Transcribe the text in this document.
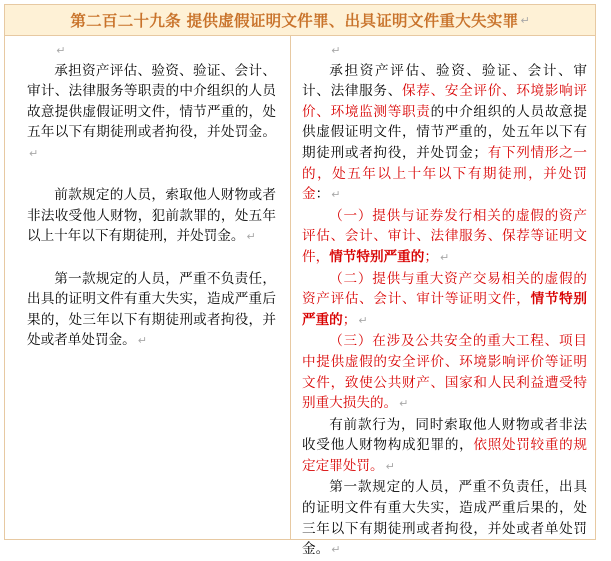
第二百二十九条 提供虚假证明文件罪、出具证明文件重大失实罪 ↵

↵

承担资产评估、验资、验证、会计、审计、法律服务等职责的中介组织的人员故意提供虚假证明文件，情节严重的，处五年以下有期徒刑或者拘役，并处罚金。↵

前款规定的人员，索取他人财物或者非法收受他人财物，犯前款罪的，处五年以上十年以下有期徒刑，并处罚金。 ↵

第一款规定的人员，严重不负责任，出具的证明文件有重大失实，造成严重后果的，处三年以下有期徒刑或者拘役，并处或者单处罚金。 ↵

↵

承担资产评估、验资、验证、会计、审计、法律服务、保荐、安全评价、环境影响评价、环境监测等职责的中介组织的人员故意提供虚假证明文件，情节严重的，处五年以下有期徒刑或者拘役，并处罚金；有下列情形之一的，处五年以上十年以下有期徒刑，并处罚金： ↵

（一）提供与证券发行相关的虚假的资产评估、会计、审计、法律服务、保荐等证明文件，情节特别严重的； ↵

（二）提供与重大资产交易相关的虚假的资产评估、会计、审计等证明文件，情节特别严重的； ↵

（三）在涉及公共安全的重大工程、项目中提供虚假的安全评价、环境影响评价等证明文件，致使公共财产、国家和人民利益遭受特别重大损失的。 ↵

有前款行为，同时索取他人财物或者非法收受他人财物构成犯罪的，依照处罚较重的规定定罪处罚。 ↵

第一款规定的人员，严重不负责任，出具的证明文件有重大失实，造成严重后果的，处三年以下有期徒刑或者拘役，并处或者单处罚金。 ↵
